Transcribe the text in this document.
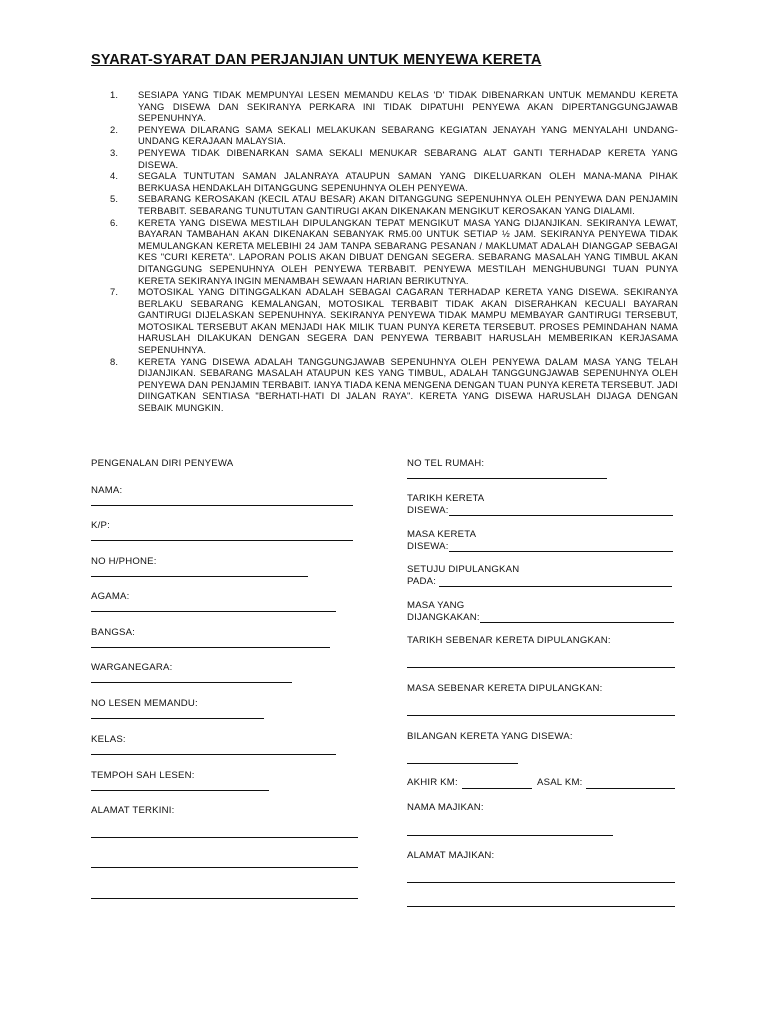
SYARAT-SYARAT DAN PERJANJIAN UNTUK MENYEWA KERETA
1. SESIAPA YANG TIDAK MEMPUNYAI LESEN MEMANDU KELAS 'D' TIDAK DIBENARKAN UNTUK MEMANDU KERETA YANG DISEWA DAN SEKIRANYA PERKARA INI TIDAK DIPATUHI PENYEWA AKAN DIPERTANGGUNGJAWAB SEPENUHNYA.
2. PENYEWA DILARANG SAMA SEKALI MELAKUKAN SEBARANG KEGIATAN JENAYAH YANG MENYALAHI UNDANG-UNDANG KERAJAAN MALAYSIA.
3. PENYEWA TIDAK DIBENARKAN SAMA SEKALI MENUKAR SEBARANG ALAT GANTI TERHADAP KERETA YANG DISEWA.
4. SEGALA TUNTUTAN SAMAN JALANRAYA ATAUPUN SAMAN YANG DIKELUARKAN OLEH MANA-MANA PIHAK BERKUASA HENDAKLAH DITANGGUNG SEPENUHNYA OLEH PENYEWA.
5. SEBARANG KEROSAKAN (KECIL ATAU BESAR) AKAN DITANGGUNG SEPENUHNYA OLEH PENYEWA DAN PENJAMIN TERBABIT. SEBARANG TUNUTUTAN GANTIRUGI AKAN DIKENAKAN MENGIKUT KEROSAKAN YANG DIALAMI.
6. KERETA YANG DISEWA MESTILAH DIPULANGKAN TEPAT MENGIKUT MASA YANG DIJANJIKAN. SEKIRANYA LEWAT, BAYARAN TAMBAHAN AKAN DIKENAKAN SEBANYAK RM5.00 UNTUK SETIAP ½ JAM. SEKIRANYA PENYEWA TIDAK MEMULANGKAN KERETA MELEBIHI 24 JAM TANPA SEBARANG PESANAN / MAKLUMAT ADALAH DIANGGAP SEBAGAI KES "CURI KERETA". LAPORAN POLIS AKAN DIBUAT DENGAN SEGERA. SEBARANG MASALAH YANG TIMBUL AKAN DITANGGUNG SEPENUHNYA OLEH PENYEWA TERBABIT. PENYEWA MESTILAH MENGHUBUNGI TUAN PUNYA KERETA SEKIRANYA INGIN MENAMBAH SEWAAN HARIAN BERIKUTNYA.
7. MOTOSIKAL YANG DITINGGALKAN ADALAH SEBAGAI CAGARAN TERHADAP KERETA YANG DISEWA. SEKIRANYA BERLAKU SEBARANG KEMALANGAN, MOTOSIKAL TERBABIT TIDAK AKAN DISERAHKAN KECUALI BAYARAN GANTIRUGI DIJELASKAN SEPENUHNYA. SEKIRANYA PENYEWA TIDAK MAMPU MEMBAYAR GANTIRUGI TERSEBUT, MOTOSIKAL TERSEBUT AKAN MENJADI HAK MILIK TUAN PUNYA KERETA TERSEBUT. PROSES PEMINDAHAN NAMA HARUSLAH DILAKUKAN DENGAN SEGERA DAN PENYEWA TERBABIT HARUSLAH MEMBERIKAN KERJASAMA SEPENUHNYA.
8. KERETA YANG DISEWA ADALAH TANGGUNGJAWAB SEPENUHNYA OLEH PENYEWA DALAM MASA YANG TELAH DIJANJIKAN. SEBARANG MASALAH ATAUPUN KES YANG TIMBUL, ADALAH TANGGUNGJAWAB SEPENUHNYA OLEH PENYEWA DAN PENJAMIN TERBABIT. IANYA TIADA KENA MENGENA DENGAN TUAN PUNYA KERETA TERSEBUT. JADI DIINGATKAN SENTIASA "BERHATI-HATI DI JALAN RAYA". KERETA YANG DISEWA HARUSLAH DIJAGA DENGAN SEBAIK MUNGKIN.
PENGENALAN DIRI PENYEWA
NAMA:
K/P:
NO H/PHONE:
AGAMA:
BANGSA:
WARGANEGARA:
NO LESEN MEMANDU:
KELAS:
TEMPOH SAH LESEN:
ALAMAT TERKINI:
NO TEL RUMAH:
TARIKH KERETA
DISEWA:
MASA KERETA
DISEWA:
SETUJU DIPULANGKAN
PADA:
MASA YANG
DIJANGKAKAN:
TARIKH SEBENAR KERETA DIPULANGKAN:
MASA SEBENAR KERETA DIPULANGKAN:
BILANGAN KERETA YANG DISEWA:
AKHIR KM:	ASAL KM:
NAMA MAJIKAN:
ALAMAT MAJIKAN:
